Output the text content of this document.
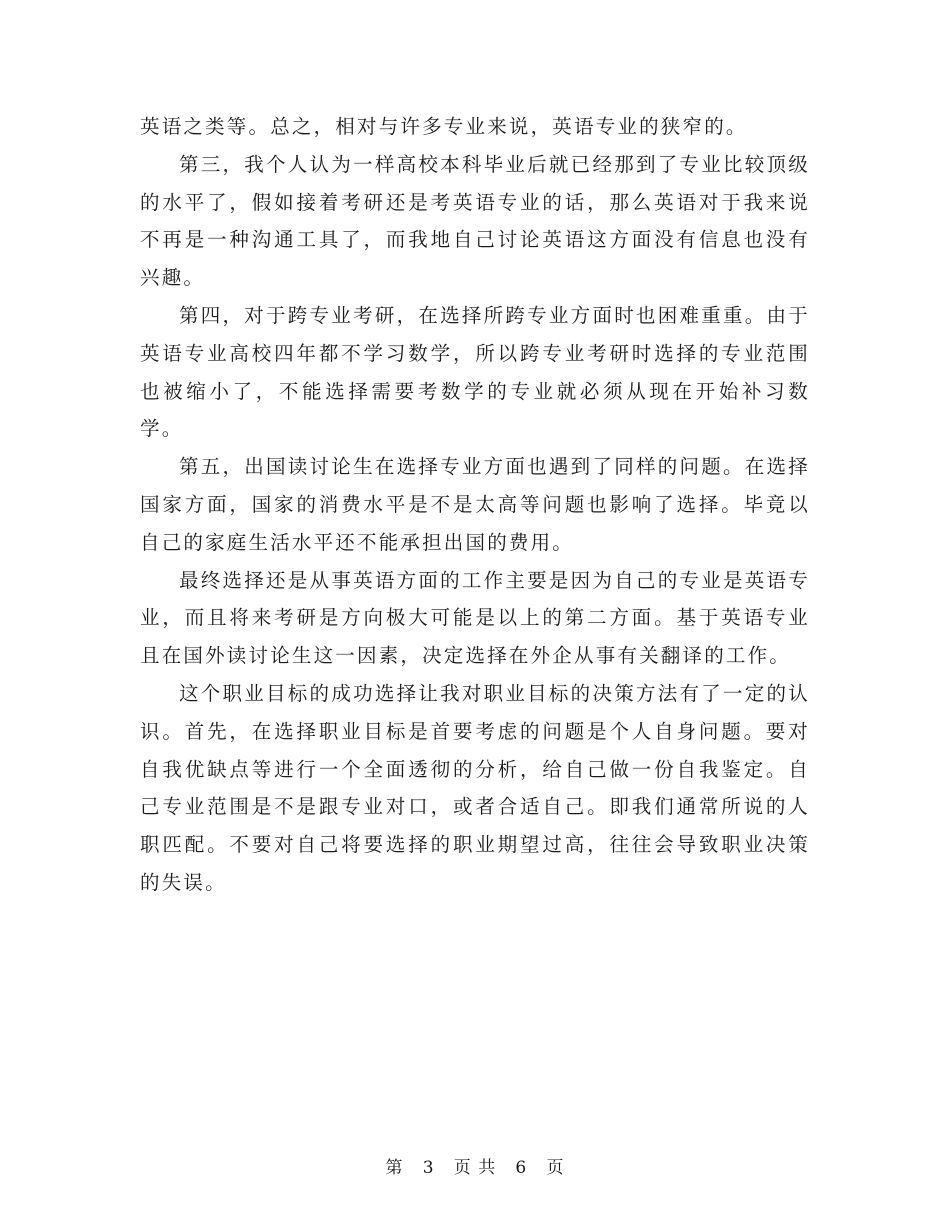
英语之类等。总之，相对与许多专业来说，英语专业的狭窄的。

第三，我个人认为一样高校本科毕业后就已经那到了专业比较顶级的水平了，假如接着考研还是考英语专业的话，那么英语对于我来说不再是一种沟通工具了，而我地自己讨论英语这方面没有信息也没有兴趣。

第四，对于跨专业考研，在选择所跨专业方面时也困难重重。由于英语专业高校四年都不学习数学，所以跨专业考研时选择的专业范围也被缩小了，不能选择需要考数学的专业就必须从现在开始补习数学。

第五，出国读讨论生在选择专业方面也遇到了同样的问题。在选择国家方面，国家的消费水平是不是太高等问题也影响了选择。毕竟以自己的家庭生活水平还不能承担出国的费用。

最终选择还是从事英语方面的工作主要是因为自己的专业是英语专业，而且将来考研是方向极大可能是以上的第二方面。基于英语专业且在国外读讨论生这一因素，决定选择在外企从事有关翻译的工作。

这个职业目标的成功选择让我对职业目标的决策方法有了一定的认识。首先，在选择职业目标是首要考虑的问题是个人自身问题。要对自我优缺点等进行一个全面透彻的分析，给自己做一份自我鉴定。自己专业范围是不是跟专业对口，或者合适自己。即我们通常所说的人职匹配。不要对自己将要选择的职业期望过高，往往会导致职业决策的失误。

第 3 页 共 6 页
